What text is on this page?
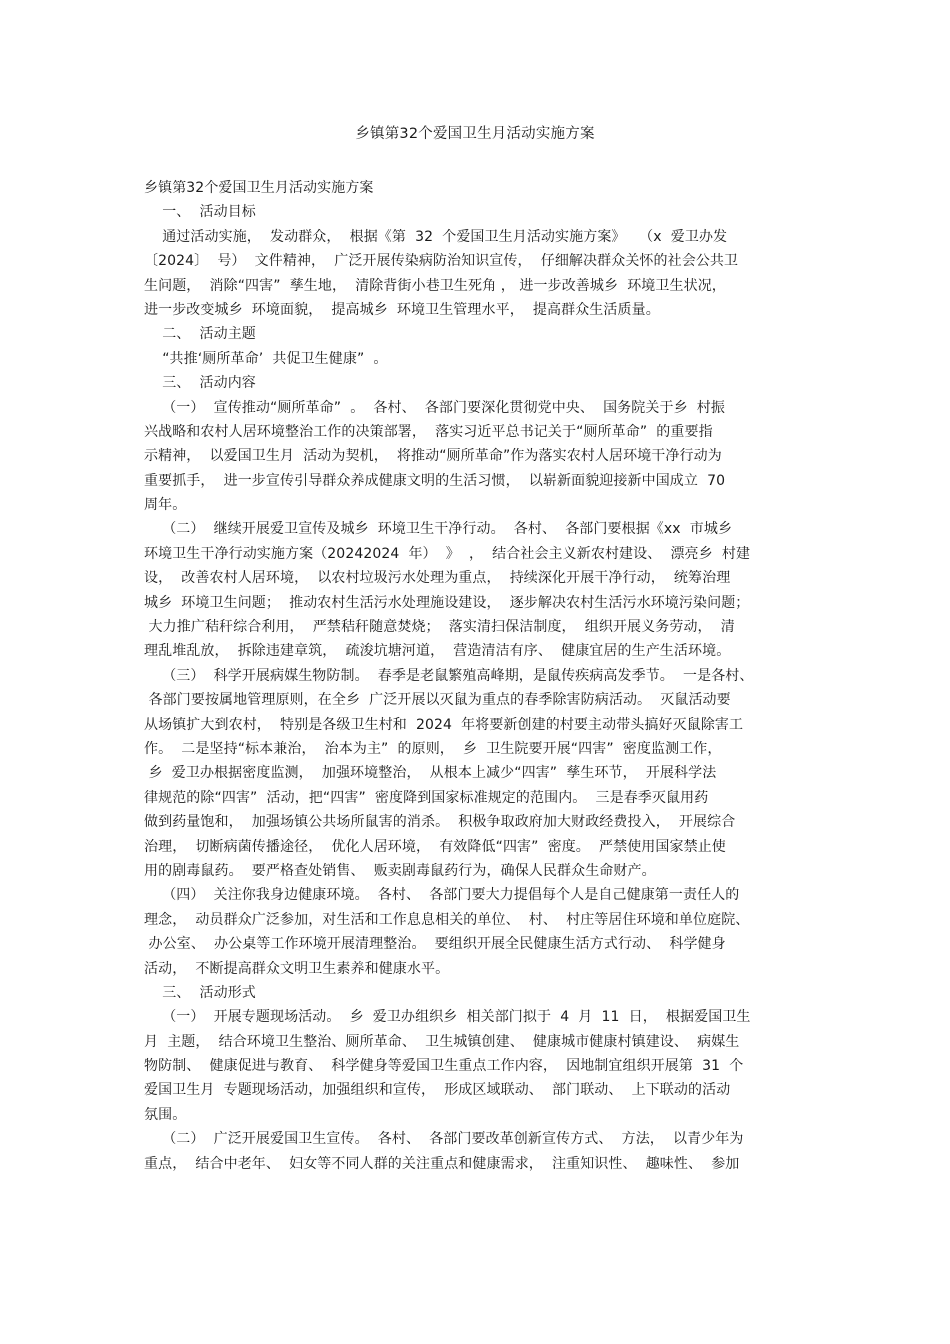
乡镇第32个爱国卫生月活动实施方案
乡镇第32个爱国卫生月活动实施方案
一、  活动目标
通过活动实施，  发动群众，  根据《第  32  个爱国卫生月活动实施方案》   （x  爱卫办发
〔2024〕  号）  文件精神，  广泛开展传染病防治知识宣传，  仔细解决群众关怀的社会公共卫
生问题，  消除“四害”  孳生地，  清除背街小巷卫生死角 ， 进一步改善城乡  环境卫生状况，
进一步改变城乡  环境面貌，  提高城乡  环境卫生管理水平，  提高群众生活质量。
二、  活动主题
“共推‘厕所革命’  共促卫生健康”  。
三、  活动内容
（一）  宣传推动“厕所革命”  。  各村、  各部门要深化贯彻党中央、  国务院关于乡  村振
兴战略和农村人居环境整治工作的决策部署，  落实习近平总书记关于“厕所革命”  的重要指
示精神，  以爱国卫生月  活动为契机，  将推动“厕所革命”作为落实农村人居环境干净行动为
重要抓手，  进一步宣传引导群众养成健康文明的生活习惯，  以崭新面貌迎接新中国成立  70
周年。
（二）  继续开展爱卫宣传及城乡  环境卫生干净行动。  各村、  各部门要根据《xx  市城乡
环境卫生干净行动实施方案（20242024  年）  》  ，  结合社会主义新农村建设、  漂亮乡  村建
设，  改善农村人居环境，  以农村垃圾污水处理为重点，  持续深化开展干净行动，  统筹治理
城乡  环境卫生问题；  推动农村生活污水处理施设建设，  逐步解决农村生活污水环境污染问题；
大力推广秸秆综合利用，  严禁秸秆随意焚烧；  落实清扫保洁制度，  组织开展义务劳动，  清
理乱堆乱放，  拆除违建章筑，  疏浚坑塘河道，  营造清洁有序、  健康宜居的生产生活环境。
（三）  科学开展病媒生物防制。  春季是老鼠繁殖高峰期，是鼠传疾病高发季节。  一是各村、
各部门要按属地管理原则，在全乡  广泛开展以灭鼠为重点的春季除害防病活动。  灭鼠活动要
从场镇扩大到农村，  特别是各级卫生村和  2024  年将要新创建的村要主动带头搞好灭鼠除害工
作。  二是坚持“标本兼治，  治本为主”  的原则，  乡  卫生院要开展“四害”  密度监测工作，
乡  爱卫办根据密度监测，  加强环境整治，  从根本上减少“四害”  孳生环节，  开展科学法
律规范的除“四害”  活动，把“四害”  密度降到国家标准规定的范围内。  三是春季灭鼠用药
做到药量饱和，  加强场镇公共场所鼠害的消杀。  积极争取政府加大财政经费投入，  开展综合
治理，  切断病菌传播途径，  优化人居环境，  有效降低“四害”  密度。  严禁使用国家禁止使
用的剧毒鼠药。  要严格查处销售、  贩卖剧毒鼠药行为，确保人民群众生命财产。
（四）  关注你我身边健康环境。  各村、  各部门要大力提倡每个人是自己健康第一责任人的
理念，  动员群众广泛参加，对生活和工作息息相关的单位、  村、  村庄等居住环境和单位庭院、
办公室、  办公桌等工作环境开展清理整治。  要组织开展全民健康生活方式行动、  科学健身
活动，  不断提高群众文明卫生素养和健康水平。
三、  活动形式
（一）  开展专题现场活动。  乡  爱卫办组织乡  相关部门拟于  4  月  11  日，  根据爱国卫生
月  主题，  结合环境卫生整治、厕所革命、  卫生城镇创建、  健康城市健康村镇建设、  病媒生
物防制、  健康促进与教育、  科学健身等爱国卫生重点工作内容，  因地制宜组织开展第  31  个
爱国卫生月  专题现场活动，加强组织和宣传，  形成区域联动、  部门联动、  上下联动的活动
氛围。
（二）  广泛开展爱国卫生宣传。  各村、  各部门要改革创新宣传方式、  方法，  以青少年为
重点，  结合中老年、  妇女等不同人群的关注重点和健康需求，  注重知识性、  趣味性、  参加
